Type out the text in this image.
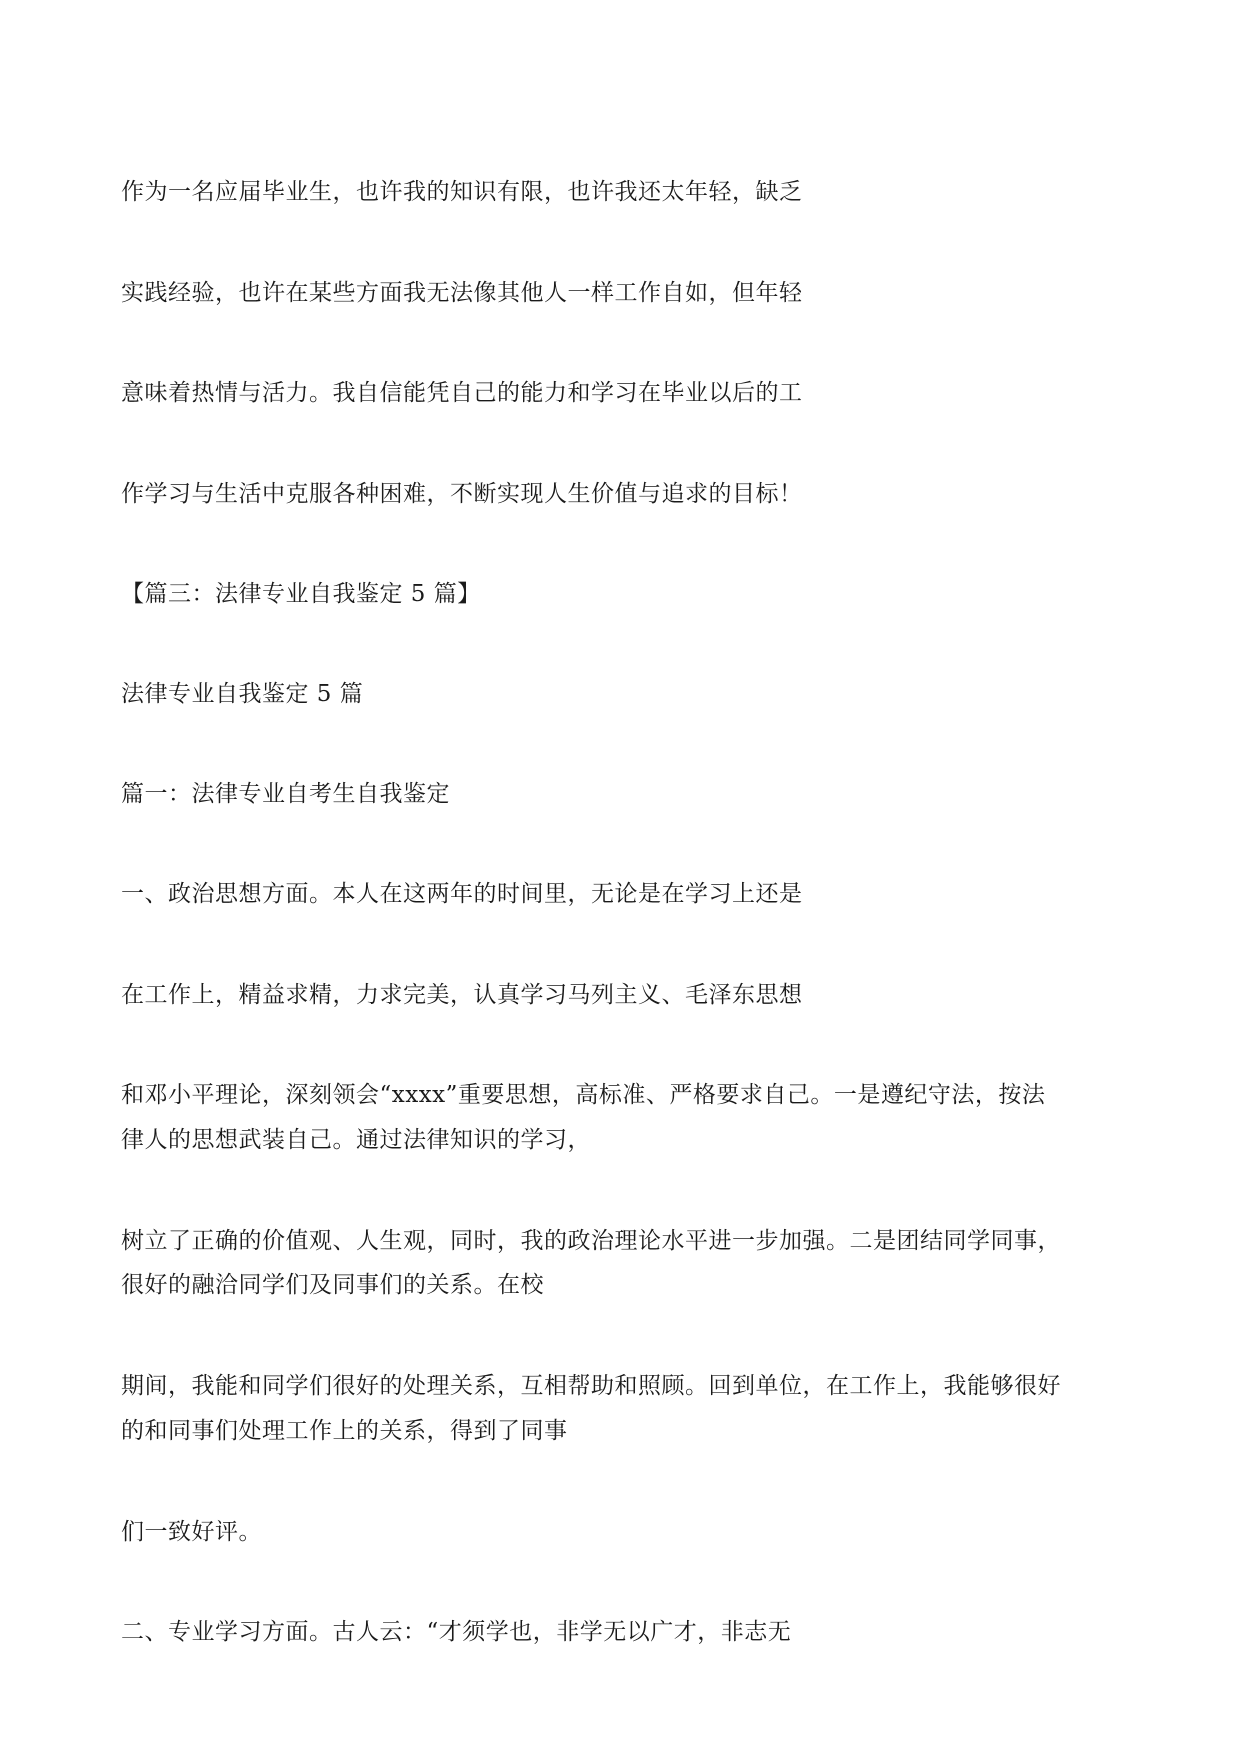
作为一名应届毕业生，也许我的知识有限，也许我还太年轻，缺乏
实践经验，也许在某些方面我无法像其他人一样工作自如，但年轻
意味着热情与活力。我自信能凭自己的能力和学习在毕业以后的工
作学习与生活中克服各种困难，不断实现人生价值与追求的目标！
【篇三：法律专业自我鉴定 5 篇】
法律专业自我鉴定 5 篇
篇一：法律专业自考生自我鉴定
一、政治思想方面。本人在这两年的时间里，无论是在学习上还是
在工作上，精益求精，力求完美，认真学习马列主义、毛泽东思想
和邓小平理论，深刻领会“xxxx”重要思想，高标准、严格要求自己。一是遵纪守法，按法
律人的思想武装自己。通过法律知识的学习，
树立了正确的价值观、人生观，同时，我的政治理论水平进一步加强。二是团结同学同事，
很好的融洽同学们及同事们的关系。在校
期间，我能和同学们很好的处理关系，互相帮助和照顾。回到单位，在工作上，我能够很好
的和同事们处理工作上的关系，得到了同事
们一致好评。
二、专业学习方面。古人云：“才须学也，非学无以广才，非志无
